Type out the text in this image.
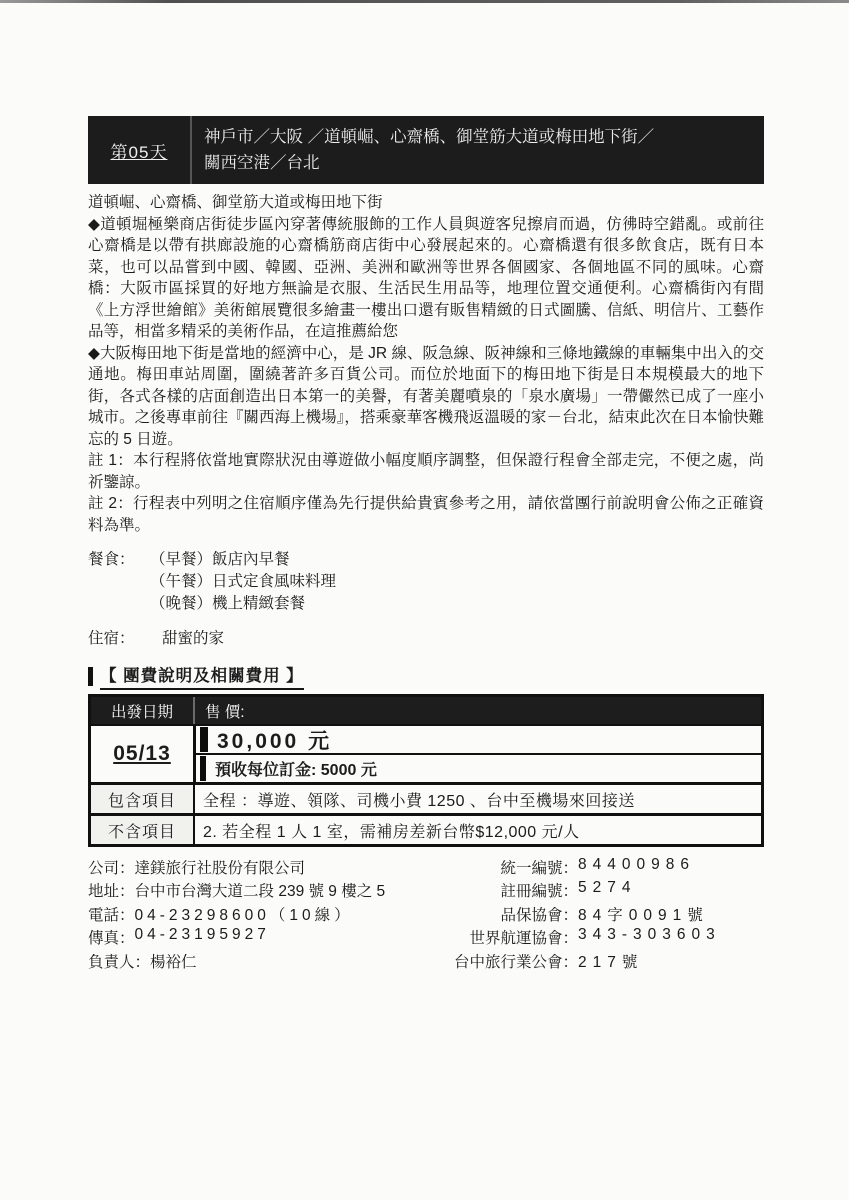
第05天
神戶市／大阪 ／道頓崛、心齋橋、御堂筋大道或梅田地下街／
關西空港／台北

道頓崛、心齋橋、御堂筋大道或梅田地下街

◆道頓堀極樂商店街徒步區內穿著傳統服飾的工作人員與遊客兒擦肩而過，仿彿時空錯亂。或前往心齋橋是以帶有拱廊設施的心齋橋筋商店街中心發展起來的。心齋橋還有很多飲食店，既有日本菜，也可以品嘗到中國、韓國、亞洲、美洲和歐洲等世界各個國家、各個地區不同的風味。心齋橋：大阪市區採買的好地方無論是衣服、生活民生用品等，地理位置交通便利。心齋橋街內有間《上方浮世繪館》美術館展覽很多繪畫一樓出口還有販售精緻的日式圖騰、信紙、明信片、工藝作品等，相當多精采的美術作品，在這推薦給您

◆大阪梅田地下街是當地的經濟中心，是 JR 線、阪急線、阪神線和三條地鐵線的車輛集中出入的交通地。梅田車站周圍，圍繞著許多百貨公司。而位於地面下的梅田地下街是日本規模最大的地下街，各式各樣的店面創造出日本第一的美譽，有著美麗噴泉的「泉水廣場」一帶儼然已成了一座小城市。之後專車前往『關西海上機場』，搭乘豪華客機飛返溫暖的家－台北，結束此次在日本愉快難忘的 5 日遊。

註 1：本行程將依當地實際狀況由導遊做小幅度順序調整，但保證行程會全部走完，不便之處，尚祈鑒諒。

註 2：行程表中列明之住宿順序僅為先行提供給貴賓參考之用，請依當團行前說明會公佈之正確資料為準。

餐食： （早餐）飯店內早餐
（午餐）日式定食風味料理
（晚餐）機上精緻套餐
住宿：	甜蜜的家
【 團費說明及相關費用 】
出發日期	售 價:
05/13
30,000 元
預收每位訂金: 5000 元
包含項目	全程 ：導遊、領隊、司機小費 1250 、台中至機場來回接送
不含項目	2. 若全程 1 人 1 室，需補房差新台幣$12,000 元/人
公司： 達鎂旅行社股份有限公司	統一編號： 84400986
地址： 台中市台灣大道二段 239 號 9 樓之 5	註冊編號： 5274
電話： 04-23298600（10線）	品保協會： 84字0091號
傳真： 04-23195927	世界航運協會： 343-303603
負責人： 楊裕仁	台中旅行業公會： 217號
